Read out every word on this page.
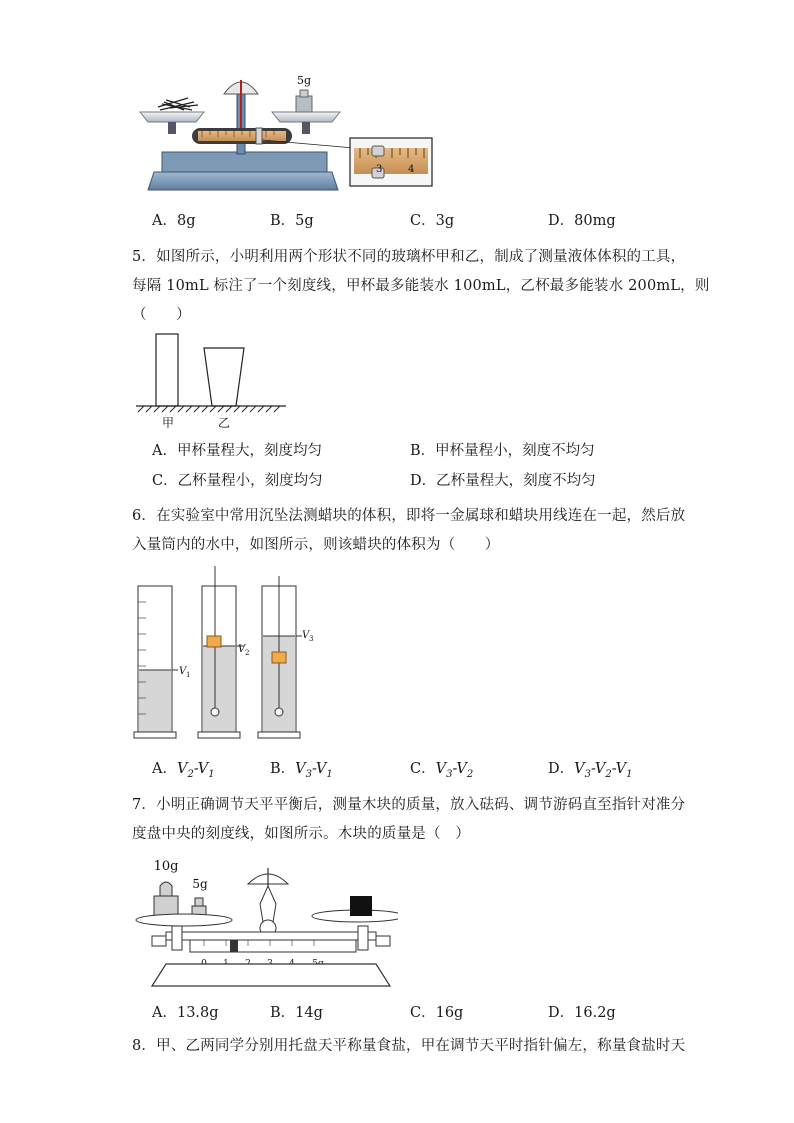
5g
3	4
A．8g	B．5g	C．3g	D．80mg
5．如图所示，小明利用两个形状不同的玻璃杯甲和乙，制成了测量液体体积的工具，
每隔 10mL 标注了一个刻度线，甲杯最多能装水 100mL，乙杯最多能装水 200mL，则
（　　）
甲	乙
A．甲杯量程大，刻度均匀	B．甲杯量程小，刻度不均匀
C．乙杯量程小，刻度均匀	D．乙杯量程大，刻度不均匀
6．在实验室中常用沉坠法测蜡块的体积，即将一金属球和蜡块用线连在一起，然后放
入量筒内的水中，如图所示，则该蜡块的体积为（　　）
V 1
V 2
V 3
A．$V_2-V_1$	B．$V_3-V_1$	C．$V_3-V_2$	D．$V_3-V_2-V_1$
7．小明正确调节天平平衡后，测量木块的质量，放入砝码、调节游码直至指针对准分
度盘中央的刻度线，如图所示。木块的质量是（　）
10g
5g
A．13.8g	B．14g	C．16g	D．16.2g
8．甲、乙两同学分别用托盘天平称量食盐，甲在调节天平时指针偏左，称量食盐时天
